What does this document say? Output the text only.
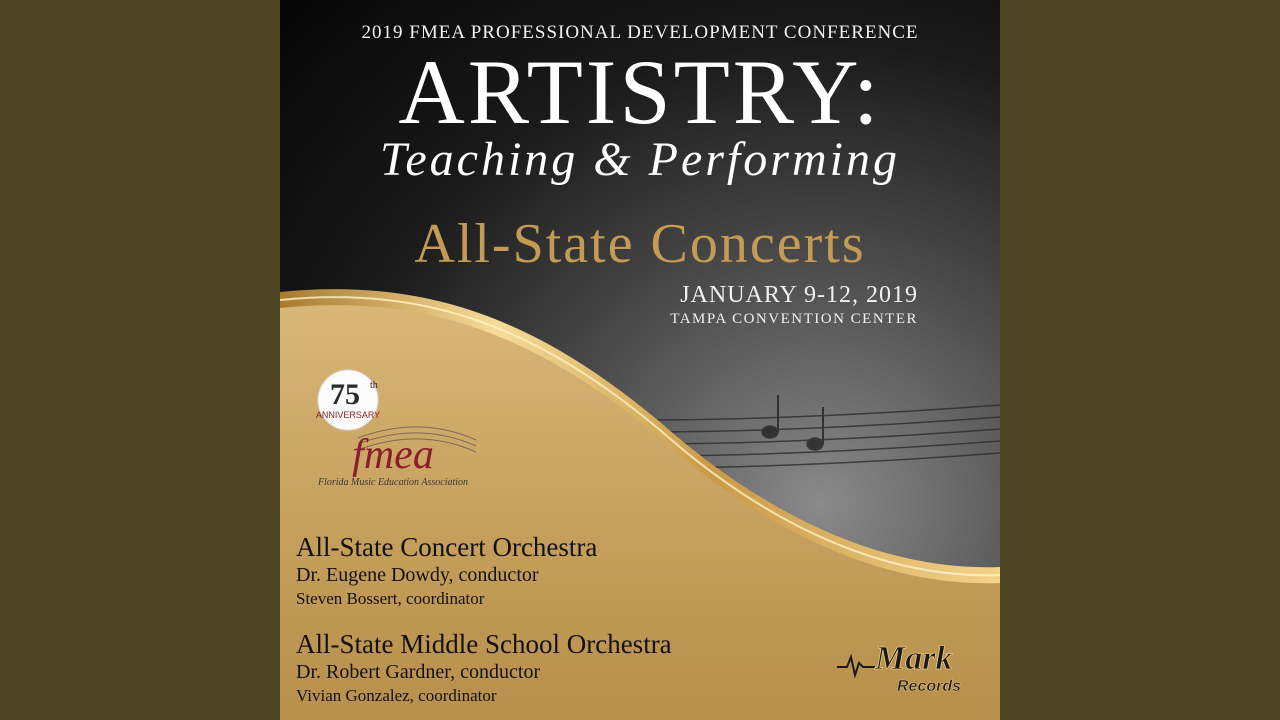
2019 FMEA PROFESSIONAL DEVELOPMENT CONFERENCE
ARTISTRY:
Teaching & Performing
All-State Concerts
JANUARY 9-12, 2019
TAMPA CONVENTION CENTER
75 th
ANNIVERSARY
fmea
Florida Music Education Association
All-State Concert Orchestra
Dr. Eugene Dowdy, conductor
Steven Bossert, coordinator
All-State Middle School Orchestra
Dr. Robert Gardner, conductor
Vivian Gonzalez, coordinator
Mark
Records
